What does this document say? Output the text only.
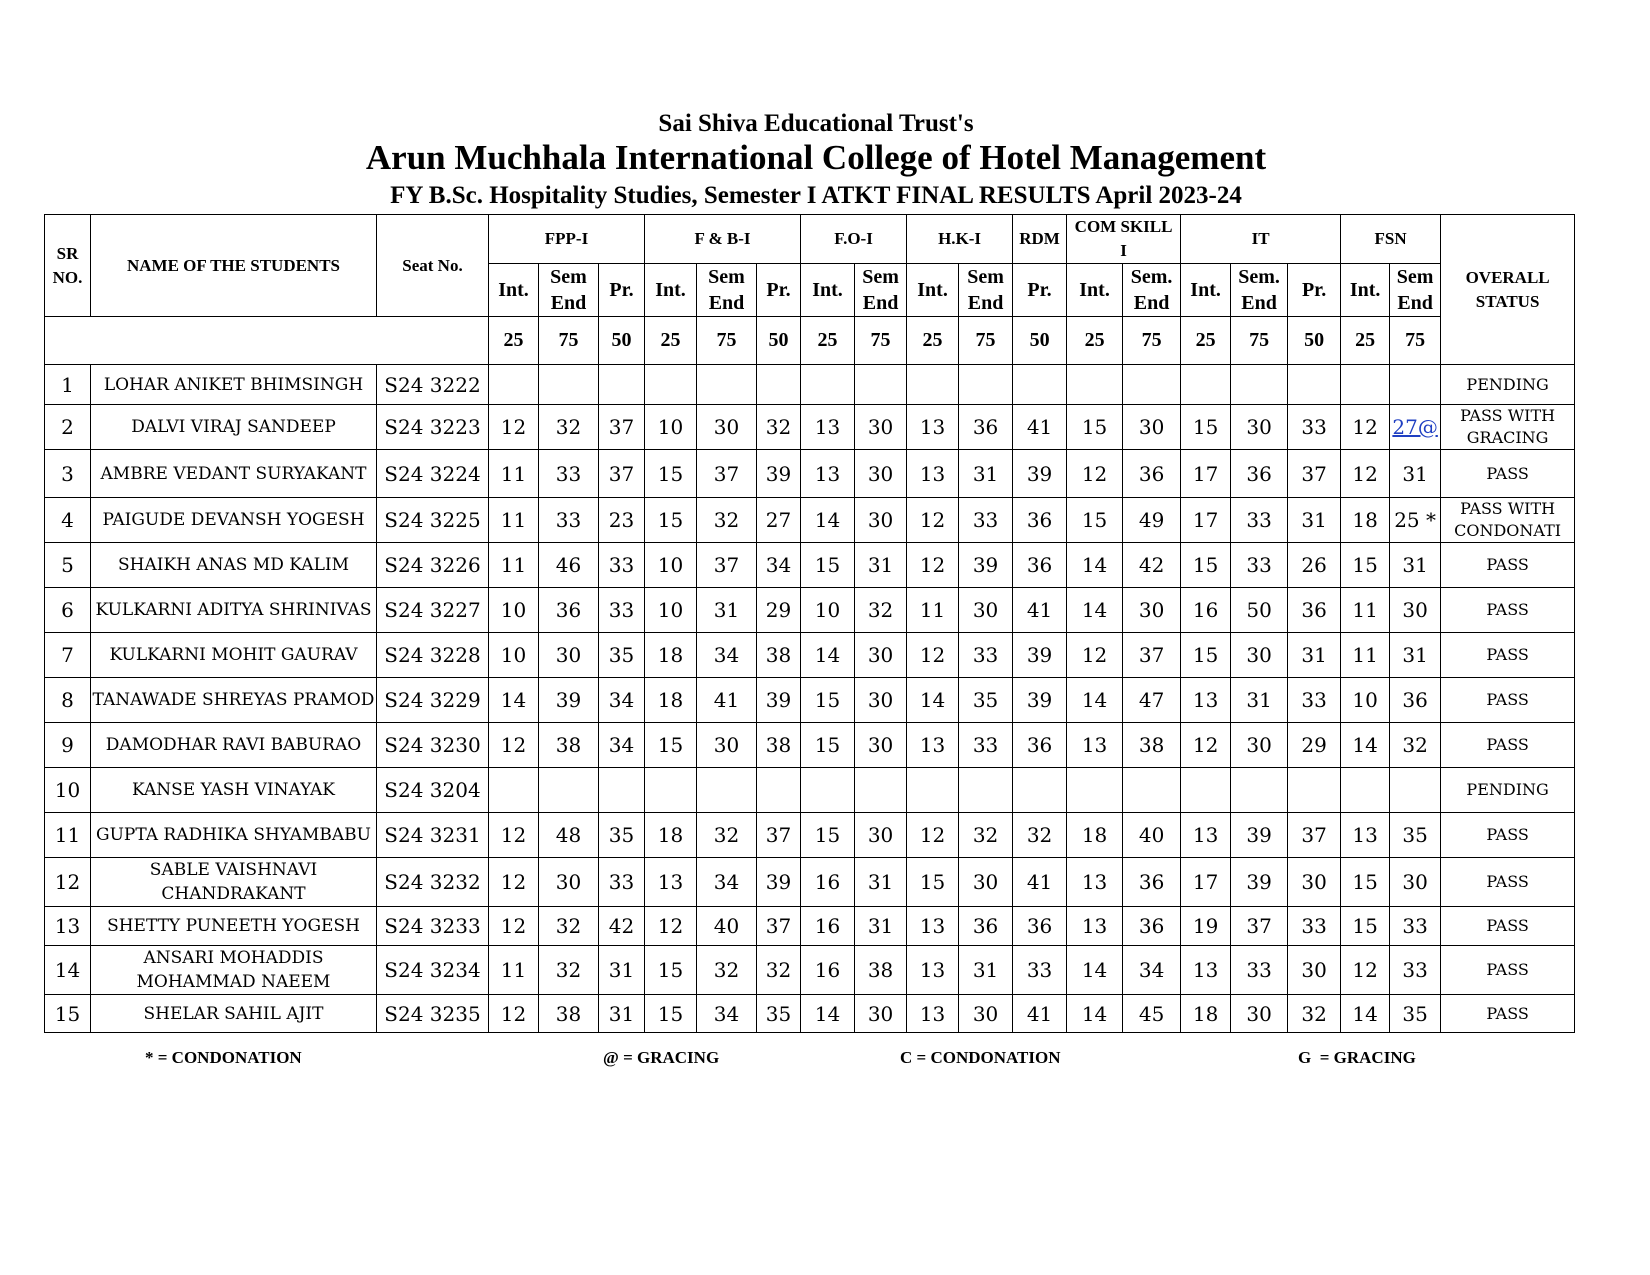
Sai Shiva Educational Trust's
Arun Muchhala International College of Hotel Management
FY B.Sc. Hospitality Studies, Semester I ATKT FINAL RESULTS April 2023-24
SR NO.	NAME OF THE STUDENTS	Seat No.	FPP-I			F & B-I			F.O-I		H.K-I		RDM	COM SKILL I		IT			FSN		OVERALL STATUS
			Int.	Sem End	Pr.	Int.	Sem End	Pr.	Int.	Sem End	Int.	Sem End	Pr.	Int.	Sem. End	Int.	Sem. End	Pr.	Int.	Sem End	
			25	75	50	25	75	50	25	75	25	75	50	25	75	25	75	50	25	75	
1	LOHAR ANIKET BHIMSINGH	S24 3222																			PENDING
2	DALVI VIRAJ SANDEEP	S24 3223	12	32	37	10	30	32	13	30	13	36	41	15	30	15	30	33	12	27@	PASS WITH GRACING
3	AMBRE VEDANT SURYAKANT	S24 3224	11	33	37	15	37	39	13	30	13	31	39	12	36	17	36	37	12	31	PASS
4	PAIGUDE DEVANSH YOGESH	S24 3225	11	33	23	15	32	27	14	30	12	33	36	15	49	17	33	31	18	25 *	PASS WITH CONDONATI
5	SHAIKH ANAS MD KALIM	S24 3226	11	46	33	10	37	34	15	31	12	39	36	14	42	15	33	26	15	31	PASS
6	KULKARNI ADITYA SHRINIVAS	S24 3227	10	36	33	10	31	29	10	32	11	30	41	14	30	16	50	36	11	30	PASS
7	KULKARNI MOHIT GAURAV	S24 3228	10	30	35	18	34	38	14	30	12	33	39	12	37	15	30	31	11	31	PASS
8	TANAWADE SHREYAS PRAMOD	S24 3229	14	39	34	18	41	39	15	30	14	35	39	14	47	13	31	33	10	36	PASS
9	DAMODHAR RAVI BABURAO	S24 3230	12	38	34	15	30	38	15	30	13	33	36	13	38	12	30	29	14	32	PASS
10	KANSE YASH VINAYAK	S24 3204																			PENDING
11	GUPTA RADHIKA SHYAMBABU	S24 3231	12	48	35	18	32	37	15	30	12	32	32	18	40	13	39	37	13	35	PASS
12	SABLE VAISHNAVI CHANDRAKANT	S24 3232	12	30	33	13	34	39	16	31	15	30	41	13	36	17	39	30	15	30	PASS
13	SHETTY PUNEETH YOGESH	S24 3233	12	32	42	12	40	37	16	31	13	36	36	13	36	19	37	33	15	33	PASS
14	ANSARI MOHADDIS MOHAMMAD NAEEM	S24 3234	11	32	31	15	32	32	16	38	13	31	33	14	34	13	33	30	12	33	PASS
15	SHELAR SAHIL AJIT	S24 3235	12	38	31	15	34	35	14	30	13	30	41	14	45	18	30	32	14	35	PASS
* = CONDONATION	@ = GRACING	C = CONDONATION	G  = GRACING
